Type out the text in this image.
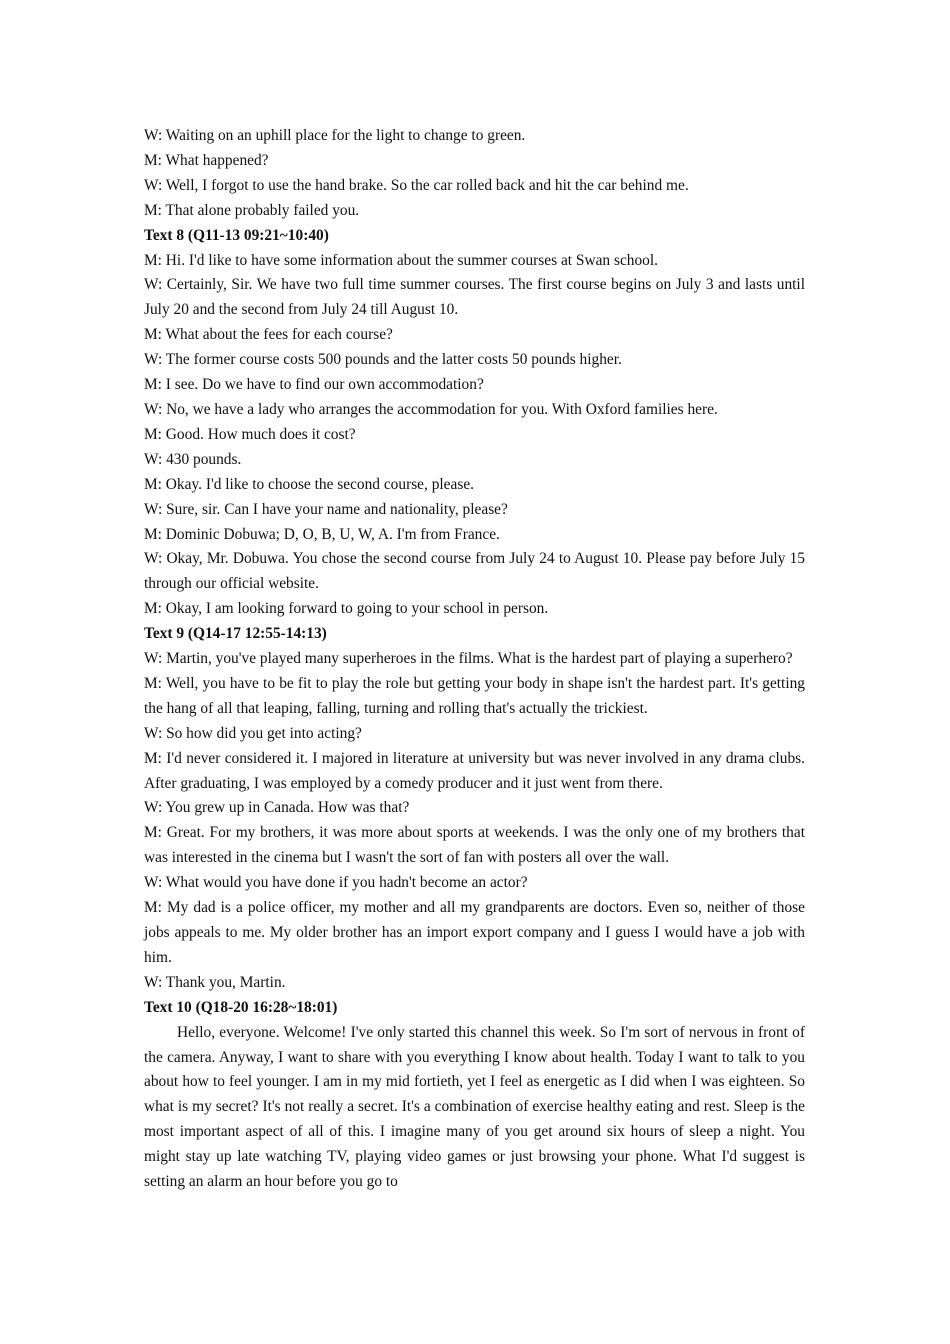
W: Waiting on an uphill place for the light to change to green.

M: What happened?

W: Well, I forgot to use the hand brake. So the car rolled back and hit the car behind me.

M: That alone probably failed you.

Text 8 (Q11-13 09:21~10:40)

M: Hi. I'd like to have some information about the summer courses at Swan school.

W: Certainly, Sir. We have two full time summer courses. The first course begins on July 3 and lasts until July 20 and the second from July 24 till August 10.

M: What about the fees for each course?

W: The former course costs 500 pounds and the latter costs 50 pounds higher.

M: I see. Do we have to find our own accommodation?

W: No, we have a lady who arranges the accommodation for you. With Oxford families here.

M: Good. How much does it cost?

W: 430 pounds.

M: Okay. I'd like to choose the second course, please.

W: Sure, sir. Can I have your name and nationality, please?

M: Dominic Dobuwa; D, O, B, U, W, A. I'm from France.

W: Okay, Mr. Dobuwa. You chose the second course from July 24 to August 10. Please pay before July 15 through our official website.

M: Okay, I am looking forward to going to your school in person.

Text 9 (Q14-17 12:55-14:13)

W: Martin, you've played many superheroes in the films. What is the hardest part of playing a superhero?

M: Well, you have to be fit to play the role but getting your body in shape isn't the hardest part. It's getting the hang of all that leaping, falling, turning and rolling that's actually the trickiest.

W: So how did you get into acting?

M: I'd never considered it. I majored in literature at university but was never involved in any drama clubs. After graduating, I was employed by a comedy producer and it just went from there.

W: You grew up in Canada. How was that?

M: Great. For my brothers, it was more about sports at weekends. I was the only one of my brothers that was interested in the cinema but I wasn't the sort of fan with posters all over the wall.

W: What would you have done if you hadn't become an actor?

M: My dad is a police officer, my mother and all my grandparents are doctors. Even so, neither of those jobs appeals to me. My older brother has an import export company and I guess I would have a job with him.

W: Thank you, Martin.

Text 10 (Q18-20 16:28~18:01)

Hello, everyone. Welcome! I've only started this channel this week. So I'm sort of nervous in front of the camera. Anyway, I want to share with you everything I know about health. Today I want to talk to you about how to feel younger. I am in my mid fortieth, yet I feel as energetic as I did when I was eighteen. So what is my secret? It's not really a secret. It's a combination of exercise healthy eating and rest. Sleep is the most important aspect of all of this. I imagine many of you get around six hours of sleep a night. You might stay up late watching TV, playing video games or just browsing your phone. What I'd suggest is setting an alarm an hour before you go to
